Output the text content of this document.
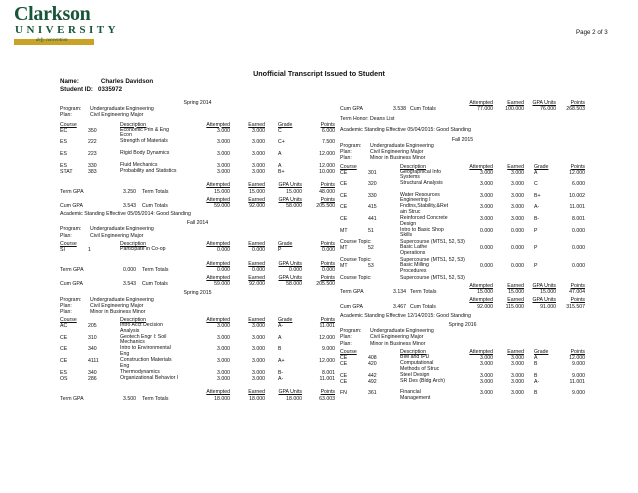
Clarkson
UNIVERSITY
defy convention
Page 2 of 3
Unofficial Transcript Issued to Student
Name:	Charles Davidson
Student ID: 0335972
Spring 2014
Program: Undergraduate Engineering
Plan:	Civil Engineering Major
Course	Description	Attempted	Earned	Grade	Points
EC	350	Economic Prin & Eng Econ
3.000	3.000	C	6.000
ES	222	Strength of Materials	3.000	3.000	C+	7.500
ES	223	Rigid Body Dynamics	3.000	3.000	A	12.000
ES	330	Fluid Mechanics	3.000	3.000	A	12.000
STAT	383	Probability and Statistics	3.000	3.000	B+	10.000
Attempted	Earned	GPA Units	Points
Term GPA	3.250 Term Totals	15.000	15.000	15.000	48.000
Attempted	Earned	GPA Units	Points
Cum GPA	3.543 Cum Totals	59.000	92.000	58.000	205.500
Academic Standing Effective 05/05/2014: Good Standing
Fall 2014
Program: Undergraduate Engineering
Plan:	Civil Engineering Major
Course	Description	Attempted	Earned	Grade	Points
SI	1	Participate in Co-op	0.000	0.000	P	0.000
Attempted	Earned	GPA Units	Points
Term GPA	0.000 Term Totals	0.000	0.000	0.000	0.000
Attempted	Earned	GPA Units	Points
Cum GPA	3.543 Cum Totals	59.000	92.000	58.000	205.500
Spring 2015
Program: Undergraduate Engineering
Plan:	Civil Engineering Major
Plan:	Minor in Business Minor
Course	Description	Attempted	Earned	Grade	Points
AC	205	Intro Acct Decision Analysis
3.000	3.000	A-	11.001
CE	310	Geotech Engr I: Soil Mechanics
3.000	3.000	A	12.000
CE	340	Intro to Environmental Eng
3.000	3.000	B	9.000
CE	4111	Construction Materials Eng
3.000	3.000	A+	12.000
ES	340	Thermodynamics	3.000	3.000	B-	8.001
OS	286	Organizational Behavior I	3.000	3.000	A-	11.001
Attempted	Earned	GPA Units	Points
Term GPA	3.500 Term Totals	18.000	18.000	18.000	63.003
Attempted	Earned	GPA Units	Points
Cum GPA	3.538 Cum Totals	77.000	100.000	76.000	268.503
Term Honor: Deans List
Academic Standing Effective 05/04/2015: Good Standing
Fall 2015
Program: Undergraduate Engineering
Plan:	Civil Engineering Major
Plan:	Minor in Business Minor
Course	Description	Attempted	Earned Grade	Points
CE	301	Geographical Info Systems
3.000	3.000 A	12.000
CE	320	Structural Analysis	3.000	3.000 C	6.000
CE	330	Water Resources Engineering I
3.000	3.000 B+	10.002
CE	415	Fndtns,Stability,&Ret ain Struc
3.000	3.000 A-	11.001
CE	441	Reinforced Concrete Design
3.000	3.000 B-	8.001
MT	51	Intro to Basic Shop Skills
0.000	0.000 P	0.000
Course Topic:	Supercourse (MT51, 52, 53)
MT	52	Basic Lathe Operations
0.000	0.000 P	0.000
Course Topic:	Supercourse (MT51, 52, 53)
MT	53	Basic Milling Procedures
0.000	0.000 P	0.000
Course Topic:	Supercourse (MT51, 52, 53)
Attempted	Earned	GPA Units	Points
Term GPA	3.134 Term Totals	15.000	15.000	15.000	47.004
Attempted	Earned	GPA Units	Points
Cum GPA	3.467 Cum Totals	92.000	115.000	91.000	315.507
Academic Standing Effective 12/14/2015: Good Standing
Spring 2016
Program: Undergraduate Engineering
Plan:	Civil Engineering Major
Plan:	Minor in Business Minor
Course	Description	Attempted	Earned Grade	Points
CE	408	BIM and IPD	3.000	3.000 A	12.000
CE	420	Computational Methods of Struc
3.000	3.000 B	9.000
CE	442	Steel Design	3.000	3.000 B	9.000
CE	492	SR Des (Bldg Arch)	3.000	3.000 A-	11.001
FN	361	Financial Management
3.000	3.000 B	9.000
